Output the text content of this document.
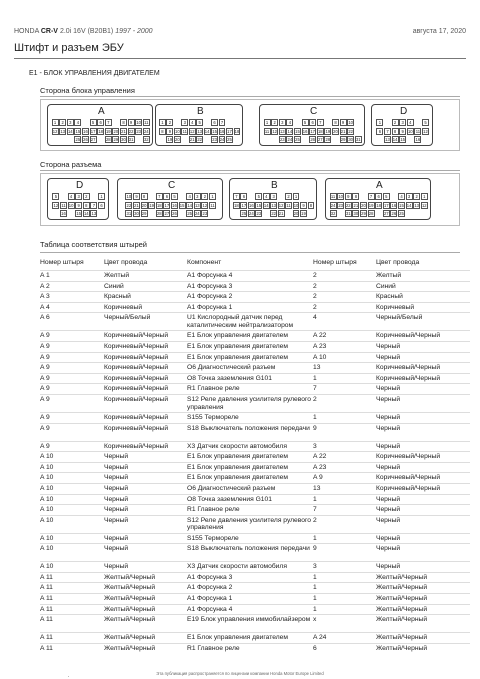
HONDA CR-V 2.0i 16V (B20B1) 1997 - 2000	августа 17, 2020
Штифт и разъем ЭБУ
E1 - БЛОК УПРАВЛЕНИЯ ДВИГАТЕЛЕМ
Сторона блока управления
A
1	2	3	4	5	6	7	8	9 10 11
12 13 14 15 16 17 18 19 20 21 22 23 24
25 26 27	28 29 30 31	32
B
1	2	3	4	5	6	7
8	9 10 11 12 13 14 15 16 17 18
19 20 21 22 23 24 25
C
1	2	3	4	5	6	7	8	9 10
11 12 13 14 15 16 17 18 19 20 21 22
23 24 25	26 27 28	29 30 31
D
1	2	3	4	5
6	7	8	9 10 11 12
13 14 15	16
Сторона разъема
D
5	4	3	2	1
12 11 10 9	8	7	6
16	15 14 13
C
10 9	8	7	6	5	4	3	2	1
22 21 20 19 18 17 16 15 14 13 12 11
31 30 29	28 27 26	25 24 23
B
7	6	5	4	3	2	1
18 17 16 15 14 13 12 11 10 9	8
25 24 23 22 21 20 19
A
11 10 9	8	7	6	5	4	3	2	1
24 23 22 21 20 19 18 17 16 15 14 13 12
32	31 30 29 28	27 26 25
Таблица соответствия штырей
Номер штыря	Цвет провода	Компонент	Номер штыря	Цвет провода
A 1	Желтый	A1 Форсунка 4	2	Желтый
A 2	Синий	A1 Форсунка 3	2	Синий
A 3	Красный	A1 Форсунка 2	2	Красный
A 4	Коричневый	A1 Форсунка 1	2	Коричневый
A 6	Черный/Белый	U1 Кислородный датчик перед каталитическим нейтрализатором
4	Черный/Белый
A 9	Коричневый/Черный	E1 Блок управления двигателем	A 22	Коричневый/Черный
A 9	Коричневый/Черный	E1 Блок управления двигателем	A 23	Черный
A 9	Коричневый/Черный	E1 Блок управления двигателем	A 10	Черный
A 9	Коричневый/Черный	O6 Диагностический разъем	13	Коричневый/Черный
A 9	Коричневый/Черный	O8 Точка заземления G101	1	Коричневый/Черный
A 9	Коричневый/Черный	R1 Главное реле	7	Черный
A 9	Коричневый/Черный	S12 Реле давления усилителя рулевого управления
2	Черный
A 9	Коричневый/Черный	S155 Термореле	1	Черный
A 9	Коричневый/Черный	S18 Выключатель положения передачи 9	Черный
A 9	Коричневый/Черный	X3 Датчик скорости автомобиля	3	Черный
A 10	Черный	E1 Блок управления двигателем	A 22	Коричневый/Черный
A 10	Черный	E1 Блок управления двигателем	A 23	Черный
A 10	Черный	E1 Блок управления двигателем	A 9	Коричневый/Черный
A 10	Черный	O6 Диагностический разъем	13	Коричневый/Черный
A 10	Черный	O8 Точка заземления G101	1	Черный
A 10	Черный	R1 Главное реле	7	Черный
A 10	Черный	S12 Реле давления усилителя рулевого управления
2	Черный
A 10	Черный	S155 Термореле	1	Черный
A 10	Черный	S18 Выключатель положения передачи 9	Черный
A 10	Черный	X3 Датчик скорости автомобиля	3	Черный
A 11	Желтый/Черный	A1 Форсунка 3	1	Желтый/Черный
A 11	Желтый/Черный	A1 Форсунка 2	1	Желтый/Черный
A 11	Желтый/Черный	A1 Форсунка 1	1	Желтый/Черный
A 11	Желтый/Черный	A1 Форсунка 4	1	Желтый/Черный
A 11	Желтый/Черный	E19 Блок управления иммобилайзером x	Желтый/Черный
A 11	Желтый/Черный	E1 Блок управления двигателем	A 24	Желтый/Черный
A 11	Желтый/Черный	R1 Главное реле	6	Желтый/Черный
.	Эта публикация распространяется по лицензии компании Honda Motor Europe Limited
